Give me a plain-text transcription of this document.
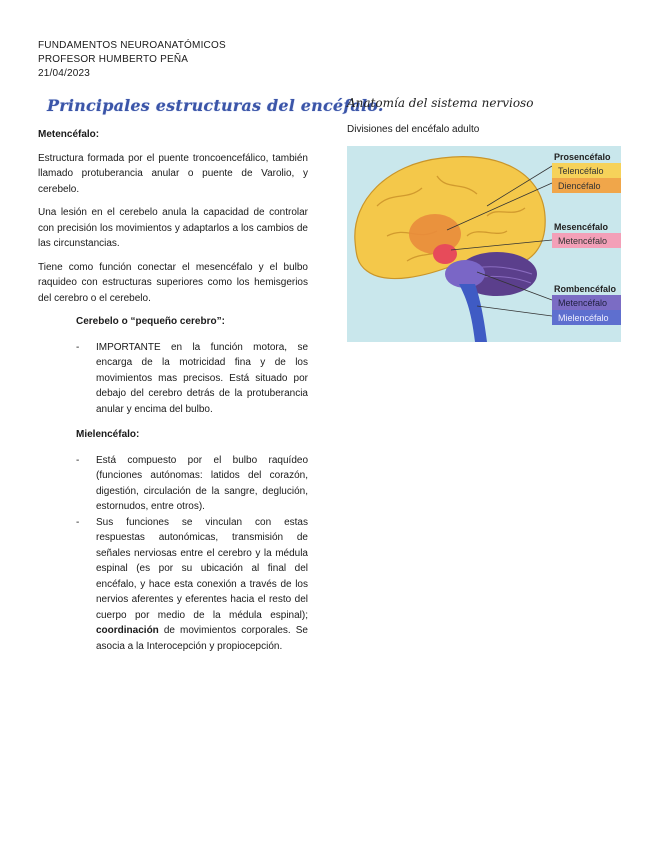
FUNDAMENTOS NEUROANATÓMICOS
PROFESOR HUMBERTO PEÑA
21/04/2023
Principales estructuras del encéfalo.

Metencéfalo:

Estructura formada por el puente troncoencefálico, también llamado protuberancia anular o puente de Varolio, y cerebelo.

Una lesión en el cerebelo anula la capacidad de controlar con precisión los movimientos y adaptarlos a los cambios de las circunstancias.

Tiene como función conectar el mesencéfalo y el bulbo raquideo con estructuras superiores como los hemisgerios del cerebro o el cerebelo.

Cerebelo o “pequeño cerebro”:
- IMPORTANTE en la función motora, se encarga de la motricidad fina y de los movimientos mas precisos. Está situado por debajo del cerebro detrás de la protuberancia anular y encima del bulbo.
Mielencéfalo:
- Está compuesto por el bulbo raquídeo (funciones autónomas: latidos del corazón, digestión, circulación de la sangre, deglución, estornudos, entre otros).
- Sus funciones se vinculan con estas respuestas autonómicas, transmisión de señales nerviosas entre el cerebro y la médula espinal (es por su ubicación al final del encéfalo, y hace esta conexión a través de los nervios aferentes y eferentes hacia el resto del cuerpo por medio de la médula espinal); coordinación de movimientos corporales. Se asocia a la Interocepción y propiocepción.
Anatomía del sistema nervioso
Divisiones del encéfalo adulto
Prosencéfalo
Telencéfalo
Diencéfalo
Mesencéfalo
Metencéfalo
Rombencéfalo
Metencéfalo
Mielencéfalo
